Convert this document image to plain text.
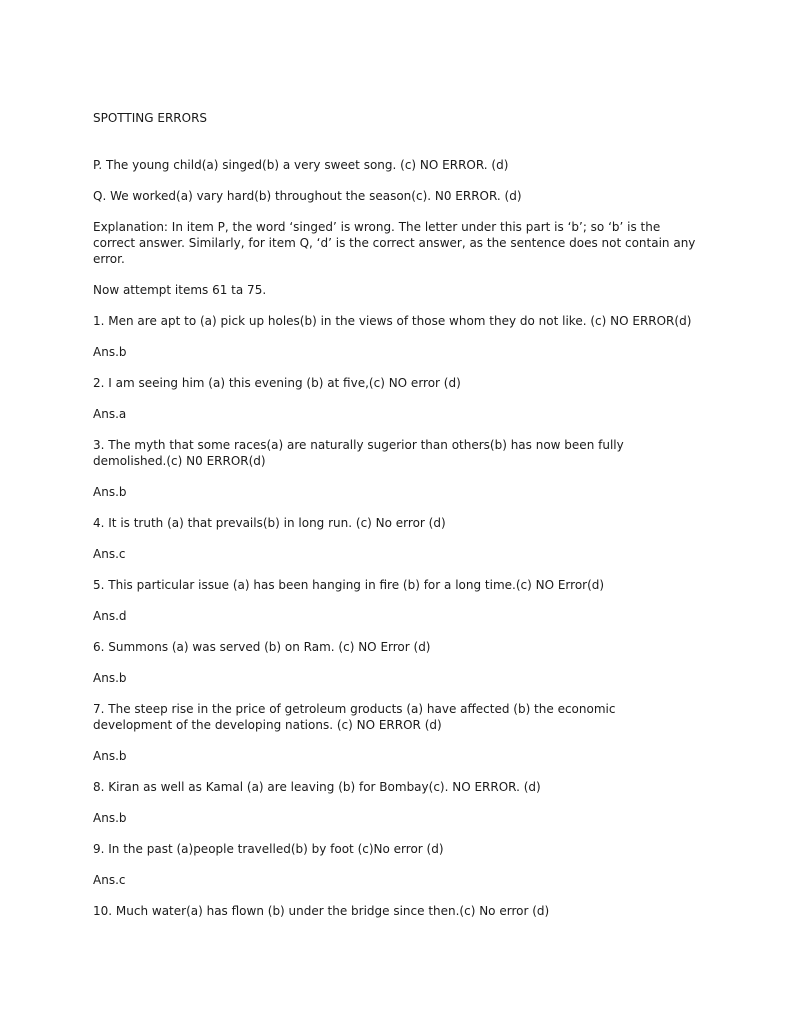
SPOTTING ERRORS

P. The young child(a) singed(b) a very sweet song. (c) NO ERROR. (d)

Q. We worked(a) vary hard(b) throughout the season(c). N0 ERROR. (d)

Explanation: In item P, the word ‘singed’ is wrong. The letter under this part is ‘b’; so ‘b’ is the correct answer. Similarly, for item Q, ‘d’ is the correct answer, as the sentence does not contain any error.

Now attempt items 61 ta 75.

1. Men are apt to (a) pick up holes(b) in the views of those whom they do not like. (c) NO ERROR(d)

Ans.b

2. I am seeing him (a) this evening (b) at five,(c) NO error (d)

Ans.a

3. The myth that some races(a) are naturally sugerior than others(b) has now been fully demolished.(c) N0 ERROR(d)

Ans.b

4. It is truth (a) that prevails(b) in long run. (c) No error (d)

Ans.c

5. This particular issue (a) has been hanging in fire (b) for a long time.(c) NO Error(d)

Ans.d

6. Summons (a) was served (b) on Ram. (c) NO Error (d)

Ans.b

7. The steep rise in the price of getroleum groducts (a) have affected (b) the economic development of the developing nations. (c) NO ERROR (d)

Ans.b

8. Kiran as well as Kamal (a) are leaving (b) for Bombay(c). NO ERROR. (d)

Ans.b

9. In the past (a)people travelled(b) by foot (c)No error (d)

Ans.c

10. Much water(a) has flown (b) under the bridge since then.(c) No error (d)
